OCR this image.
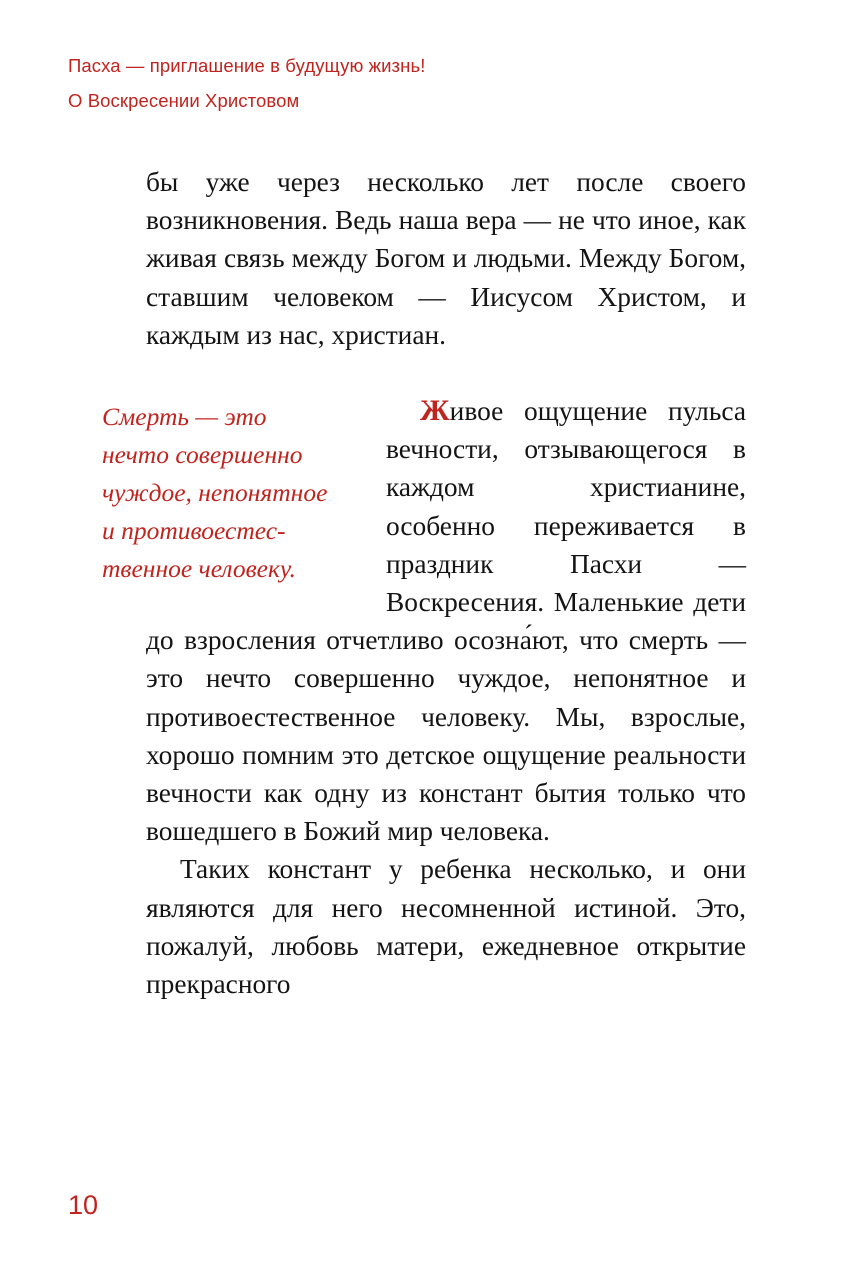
Пасха — приглашение в будущую жизнь!
О Воскресении Христовом

бы уже через несколько лет после своего возникновения. Ведь наша вера — не что иное, как живая связь между Богом и людьми. Между Богом, ставшим человеком — Иисусом Христом, и каждым из нас, христиан.

Смерть — это
нечто совершенно
чуждое, непонятное
и противоестес-
твенное человеку.
Живое ощущение пульса вечности, отзывающегося в каждом христианине, особенно переживается в праздник Пасхи — Воскресения. Маленькие дети до взросления отчетливо осозна́ют, что смерть — это нечто совершенно чуждое, непонятное и противоестественное человеку. Мы, взрослые, хорошо помним это детское ощущение реальности вечности как одну из констант бытия только что вошедшего в Божий мир человека.

Таких констант у ребенка несколько, и они являются для него несомненной истиной. Это, пожалуй, любовь матери, ежедневное открытие прекрасного

10
